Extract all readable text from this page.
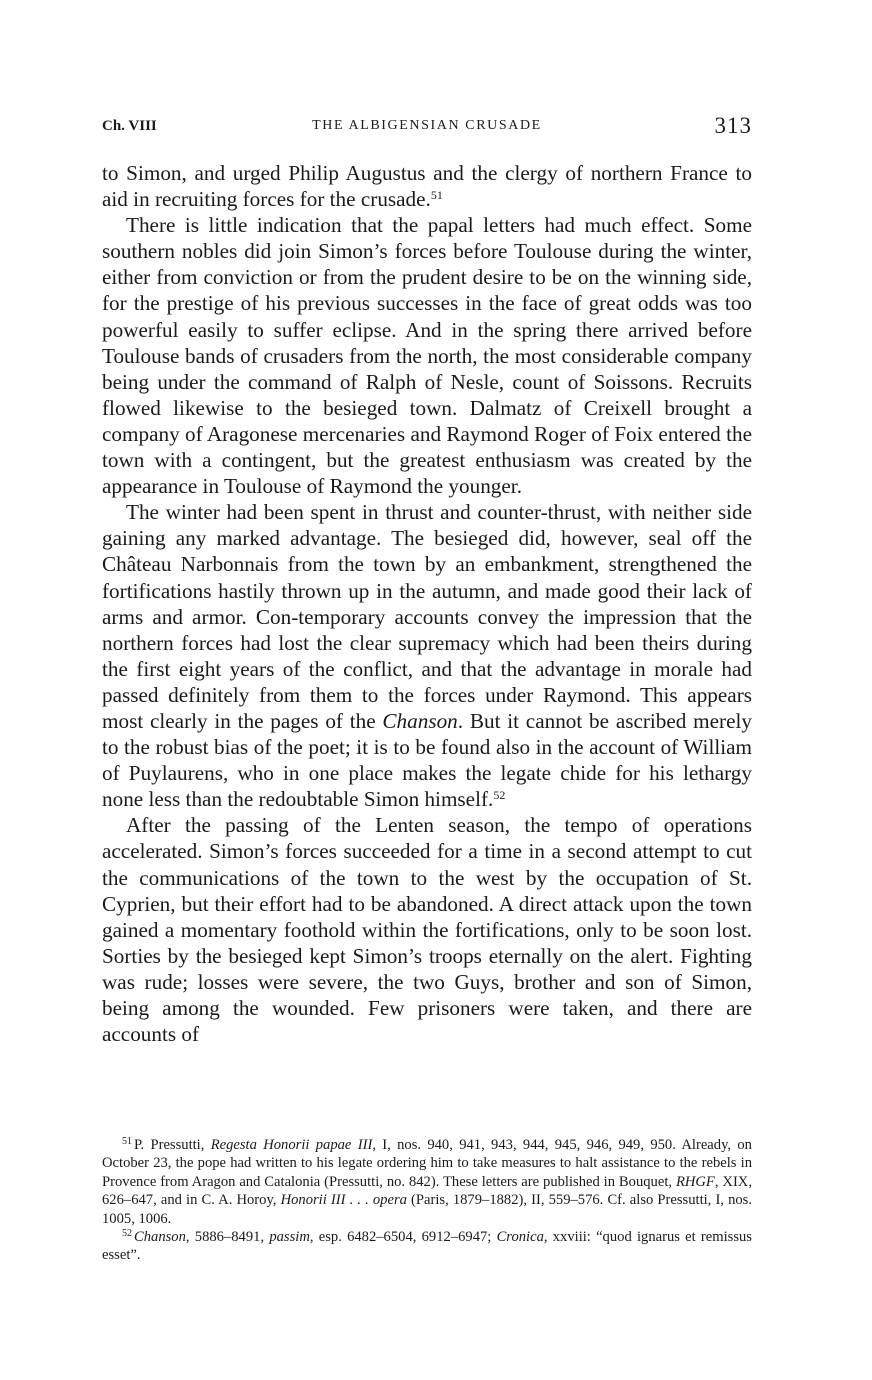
Ch. VIII	THE ALBIGENSIAN CRUSADE	313

to Simon, and urged Philip Augustus and the clergy of northern France to aid in recruiting forces for the crusade.$^{51}$

There is little indication that the papal letters had much effect. Some southern nobles did join Simon’s forces before Toulouse during the winter, either from conviction or from the prudent desire to be on the winning side, for the prestige of his previous successes in the face of great odds was too powerful easily to suffer eclipse. And in the spring there arrived before Toulouse bands of crusaders from the north, the most considerable company being under the command of Ralph of Nesle, count of Soissons. Recruits flowed likewise to the besieged town. Dalmatz of Creixell brought a company of Aragonese mercenaries and Raymond Roger of Foix entered the town with a contingent, but the greatest enthusiasm was created by the appearance in Toulouse of Raymond the younger.

The winter had been spent in thrust and counter-thrust, with neither side gaining any marked advantage. The besieged did, however, seal off the Château Narbonnais from the town by an embankment, strengthened the fortifications hastily thrown up in the autumn, and made good their lack of arms and armor. Con-temporary accounts convey the impression that the northern forces had lost the clear supremacy which had been theirs during the first eight years of the conflict, and that the advantage in morale had passed definitely from them to the forces under Raymond. This appears most clearly in the pages of the Chanson. But it cannot be ascribed merely to the robust bias of the poet; it is to be found also in the account of William of Puylaurens, who in one place makes the legate chide for his lethargy none less than the redoubtable Simon himself.$^{52}$

After the passing of the Lenten season, the tempo of operations accelerated. Simon’s forces succeeded for a time in a second attempt to cut the communications of the town to the west by the occupation of St. Cyprien, but their effort had to be abandoned. A direct attack upon the town gained a momentary foothold within the fortifications, only to be soon lost. Sorties by the besieged kept Simon’s troops eternally on the alert. Fighting was rude; losses were severe, the two Guys, brother and son of Simon, being among the wounded. Few prisoners were taken, and there are accounts of

$^{51}$ P. Pressutti, Regesta Honorii papae III, I, nos. 940, 941, 943, 944, 945, 946, 949, 950. Already, on October 23, the pope had written to his legate ordering him to take measures to halt assistance to the rebels in Provence from Aragon and Catalonia (Pressutti, no. 842). These letters are published in Bouquet, RHGF, XIX, 626–647, and in C. A. Horoy, Honorii III . . . opera (Paris, 1879–1882), II, 559–576. Cf. also Pressutti, I, nos. 1005, 1006.

$^{52}$ Chanson, 5886–8491, passim, esp. 6482–6504, 6912–6947; Cronica, xxviii: “quod ignarus et remissus esset”.
